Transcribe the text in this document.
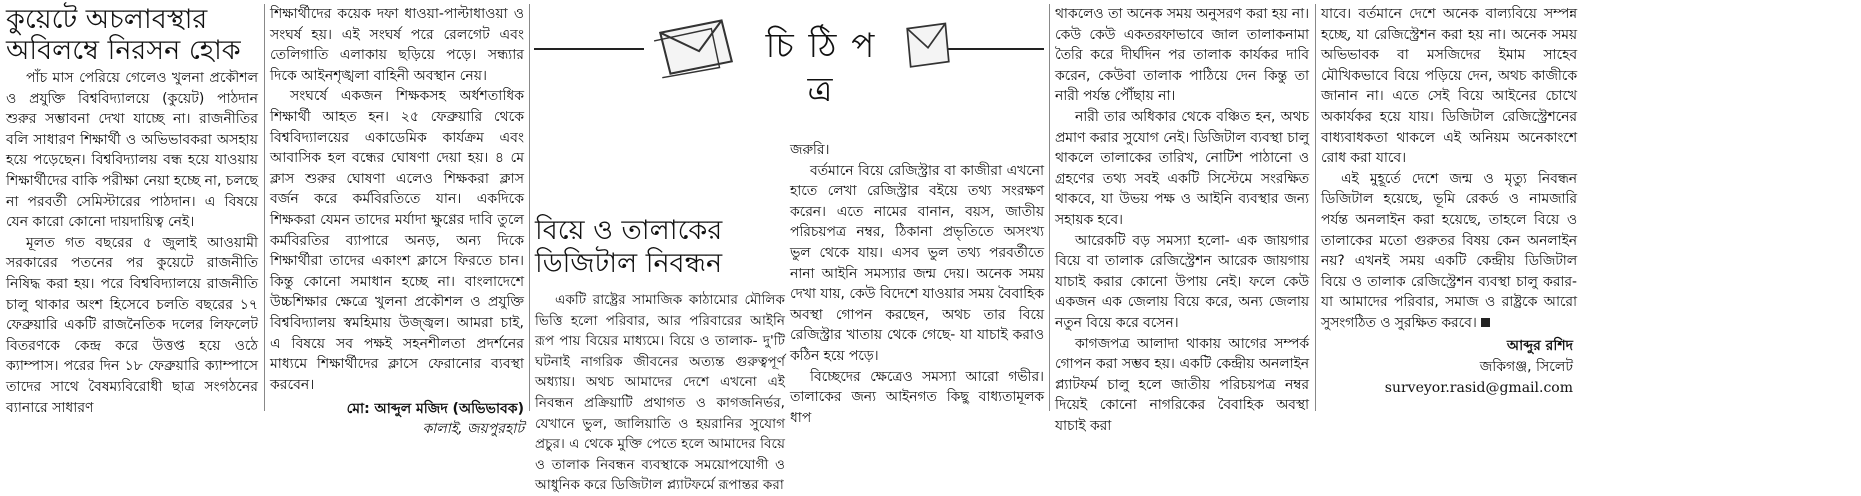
কুয়েটে অচলাবস্থার
অবিলম্বে নিরসন হোক

পাঁচ মাস পেরিয়ে গেলেও খুলনা প্রকৌশল ও প্রযুক্তি বিশ্ববিদ্যালয়ে (কুয়েট) পাঠদান শুরুর সম্ভাবনা দেখা যাচ্ছে না। রাজনীতির বলি সাধারণ শিক্ষার্থী ও অভিভাবকরা অসহায় হয়ে পড়েছেন। বিশ্ববিদ্যালয় বন্ধ হয়ে যাওয়ায় শিক্ষার্থীদের বাকি পরীক্ষা নেয়া হচ্ছে না, চলছে না পরবর্তী সেমিস্টারের পাঠদান। এ বিষয়ে যেন কারো কোনো দায়দায়িত্ব নেই।

মূলত গত বছরের ৫ জুলাই আওয়ামী সরকারের পতনের পর কুয়েটে রাজনীতি নিষিদ্ধ করা হয়। পরে বিশ্ববিদ্যালয়ে রাজনীতি চালু থাকার অংশ হিসেবে চলতি বছরের ১৭ ফেব্রুয়ারি একটি রাজনৈতিক দলের লিফলেট বিতরণকে কেন্দ্র করে উত্তপ্ত হয়ে ওঠে ক্যাম্পাস। পরের দিন ১৮ ফেব্রুয়ারি ক্যাম্পাসে তাদের সাথে বৈষম্যবিরোধী ছাত্র সংগঠনের ব্যানারে সাধারণ

শিক্ষার্থীদের কয়েক দফা ধাওয়া-পাল্টাধাওয়া ও সংঘর্ষ হয়। এই সংঘর্ষ পরে রেলগেট এবং তেলিগাতি এলাকায় ছড়িয়ে পড়ে। সন্ধ্যার দিকে আইনশৃঙ্খলা বাহিনী অবস্থান নেয়।

সংঘর্ষে একজন শিক্ষকসহ অর্ধশতাধিক শিক্ষার্থী আহত হন। ২৫ ফেব্রুয়ারি থেকে বিশ্ববিদ্যালয়ের একাডেমিক কার্যক্রম এবং আবাসিক হল বন্ধের ঘোষণা দেয়া হয়। ৪ মে ক্লাস শুরুর ঘোষণা এলেও শিক্ষকরা ক্লাস বর্জন করে কর্মবিরতিতে যান। একদিকে শিক্ষকরা যেমন তাদের মর্যাদা ক্ষুণ্ণের দাবি তুলে কর্মবিরতির ব্যাপারে অনড়, অন্য দিকে শিক্ষার্থীরা তাদের একাংশ ক্লাসে ফিরতে চান। কিন্তু কোনো সমাধান হচ্ছে না। বাংলাদেশে উচ্চশিক্ষার ক্ষেত্রে খুলনা প্রকৌশল ও প্রযুক্তি বিশ্ববিদ্যালয় স্বমহিমায় উজ্জ্বল। আমরা চাই, এ বিষয়ে সব পক্ষই সহনশীলতা প্রদর্শনের মাধ্যমে শিক্ষার্থীদের ক্লাসে ফেরানোর ব্যবস্থা করবেন।

মো: আব্দুল মজিদ (অভিভাবক)
কালাই, জয়পুরহাট
চি ঠি প ত্র
বিয়ে ও তালাকের
ডিজিটাল নিবন্ধন

একটি রাষ্ট্রের সামাজিক কাঠামোর মৌলিক ভিত্তি হলো পরিবার, আর পরিবারের আইনি রূপ পায় বিয়ের মাধ্যমে। বিয়ে ও তালাক- দু'টি ঘটনাই নাগরিক জীবনের অত্যন্ত গুরুত্বপূর্ণ অধ্যায়। অথচ আমাদের দেশে এখনো এই নিবন্ধন প্রক্রিয়াটি প্রথাগত ও কাগজনির্ভর, যেখানে ভুল, জালিয়াতি ও হয়রানির সুযোগ প্রচুর। এ থেকে মুক্তি পেতে হলে আমাদের বিয়ে ও তালাক নিবন্ধন ব্যবস্থাকে সময়োপযোগী ও আধুনিক করে ডিজিটাল প্ল্যাটফর্মে রূপান্তর করা

জরুরি।

বর্তমানে বিয়ে রেজিস্ট্রার বা কাজীরা এখনো হাতে লেখা রেজিস্ট্রার বইয়ে তথ্য সংরক্ষণ করেন। এতে নামের বানান, বয়স, জাতীয় পরিচয়পত্র নম্বর, ঠিকানা প্রভৃতিতে অসংখ্য ভুল থেকে যায়। এসব ভুল তথ্য পরবর্তীতে নানা আইনি সমস্যার জন্ম দেয়। অনেক সময় দেখা যায়, কেউ বিদেশে যাওয়ার সময় বৈবাহিক অবস্থা গোপন করছেন, অথচ তার বিয়ে রেজিস্ট্রার খাতায় থেকে গেছে- যা যাচাই করাও কঠিন হয়ে পড়ে।

বিচ্ছেদের ক্ষেত্রেও সমস্যা আরো গভীর। তালাকের জন্য আইনগত কিছু বাধ্যতামূলক ধাপ

থাকলেও তা অনেক সময় অনুসরণ করা হয় না। কেউ কেউ একতরফাভাবে জাল তালাকনামা তৈরি করে দীর্ঘদিন পর তালাক কার্যকর দাবি করেন, কেউবা তালাক পাঠিয়ে দেন কিন্তু তা নারী পর্যন্ত পৌঁছায় না।

নারী তার অধিকার থেকে বঞ্চিত হন, অথচ প্রমাণ করার সুযোগ নেই। ডিজিটাল ব্যবস্থা চালু থাকলে তালাকের তারিখ, নোটিশ পাঠানো ও গ্রহণের তথ্য সবই একটি সিস্টেমে সংরক্ষিত থাকবে, যা উভয় পক্ষ ও আইনি ব্যবস্থার জন্য সহায়ক হবে।

আরেকটি বড় সমস্যা হলো- এক জায়গার বিয়ে বা তালাক রেজিস্ট্রেশন আরেক জায়গায় যাচাই করার কোনো উপায় নেই। ফলে কেউ একজন এক জেলায় বিয়ে করে, অন্য জেলায় নতুন বিয়ে করে বসেন।

কাগজপত্র আলাদা থাকায় আগের সম্পর্ক গোপন করা সম্ভব হয়। একটি কেন্দ্রীয় অনলাইন প্ল্যাটফর্ম চালু হলে জাতীয় পরিচয়পত্র নম্বর দিয়েই কোনো নাগরিকের বৈবাহিক অবস্থা যাচাই করা

যাবে। বর্তমানে দেশে অনেক বাল্যবিয়ে সম্পন্ন হচ্ছে, যা রেজিস্ট্রেশন করা হয় না। অনেক সময় অভিভাবক বা মসজিদের ইমাম সাহেব মৌখিকভাবে বিয়ে পড়িয়ে দেন, অথচ কাজীকে জানান না। এতে সেই বিয়ে আইনের চোখে অকার্যকর হয়ে যায়। ডিজিটাল রেজিস্ট্রেশনের বাধ্যবাধকতা থাকলে এই অনিয়ম অনেকাংশে রোধ করা যাবে।

এই মুহূর্তে দেশে জন্ম ও মৃত্যু নিবন্ধন ডিজিটাল হয়েছে, ভূমি রেকর্ড ও নামজারি পর্যন্ত অনলাইন করা হয়েছে, তাহলে বিয়ে ও তালাকের মতো গুরুতর বিষয় কেন অনলাইন নয়? এখনই সময় একটি কেন্দ্রীয় ডিজিটাল বিয়ে ও তালাক রেজিস্ট্রেশন ব্যবস্থা চালু করার- যা আমাদের পরিবার, সমাজ ও রাষ্ট্রকে আরো সুসংগঠিত ও সুরক্ষিত করবে।

আব্দুর রশিদ
জকিগঞ্জ, সিলেট
surveyor.rasid@gmail.com
